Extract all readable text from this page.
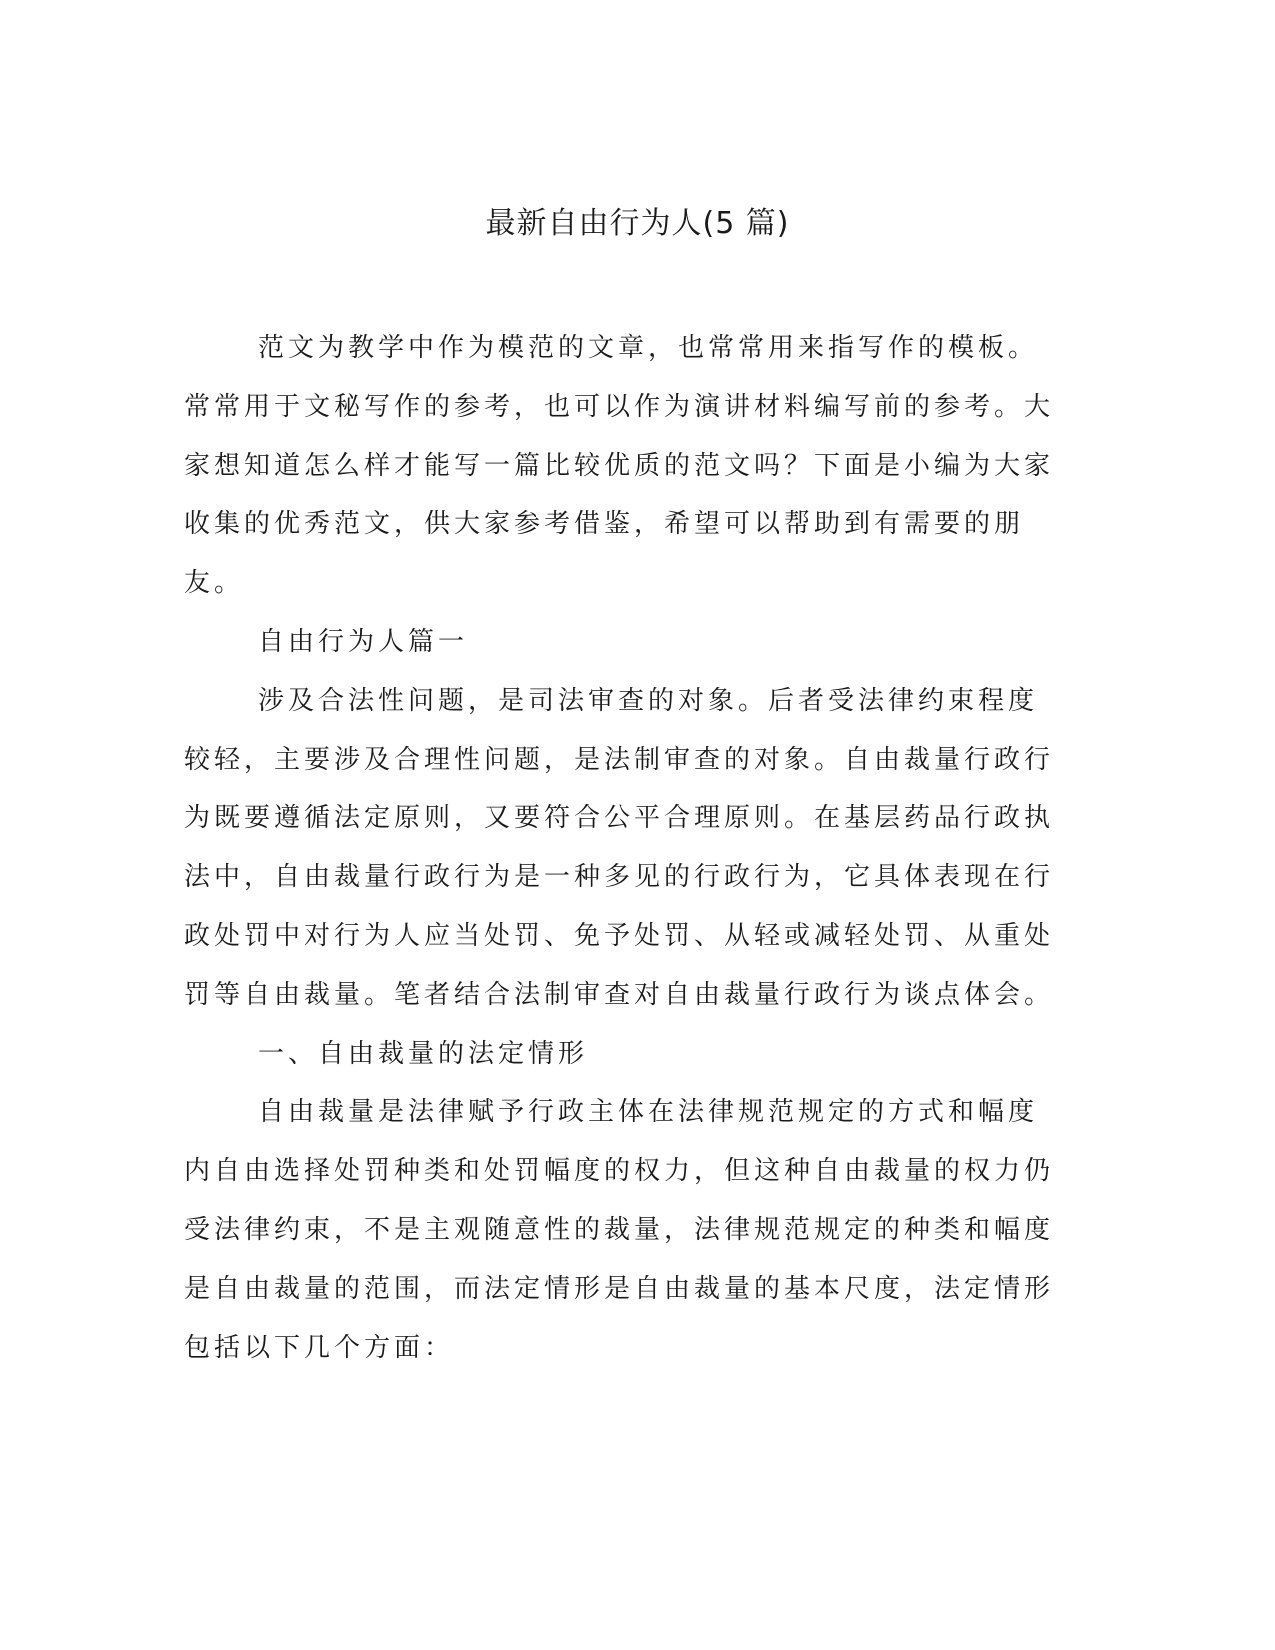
最新自由行为人(5 篇)

范文为教学中作为模范的文章，也常常用来指写作的模板。常常用于文秘写作的参考，也可以作为演讲材料编写前的参考。大家想知道怎么样才能写一篇比较优质的范文吗？下面是小编为大家收集的优秀范文，供大家参考借鉴，希望可以帮助到有需要的朋友。

自由行为人篇一

涉及合法性问题，是司法审查的对象。后者受法律约束程度较轻，主要涉及合理性问题，是法制审查的对象。自由裁量行政行为既要遵循法定原则，又要符合公平合理原则。在基层药品行政执法中，自由裁量行政行为是一种多见的行政行为，它具体表现在行政处罚中对行为人应当处罚、免予处罚、从轻或减轻处罚、从重处罚等自由裁量。笔者结合法制审查对自由裁量行政行为谈点体会。

一、自由裁量的法定情形

自由裁量是法律赋予行政主体在法律规范规定的方式和幅度内自由选择处罚种类和处罚幅度的权力，但这种自由裁量的权力仍受法律约束，不是主观随意性的裁量，法律规范规定的种类和幅度是自由裁量的范围，而法定情形是自由裁量的基本尺度，法定情形包括以下几个方面：
